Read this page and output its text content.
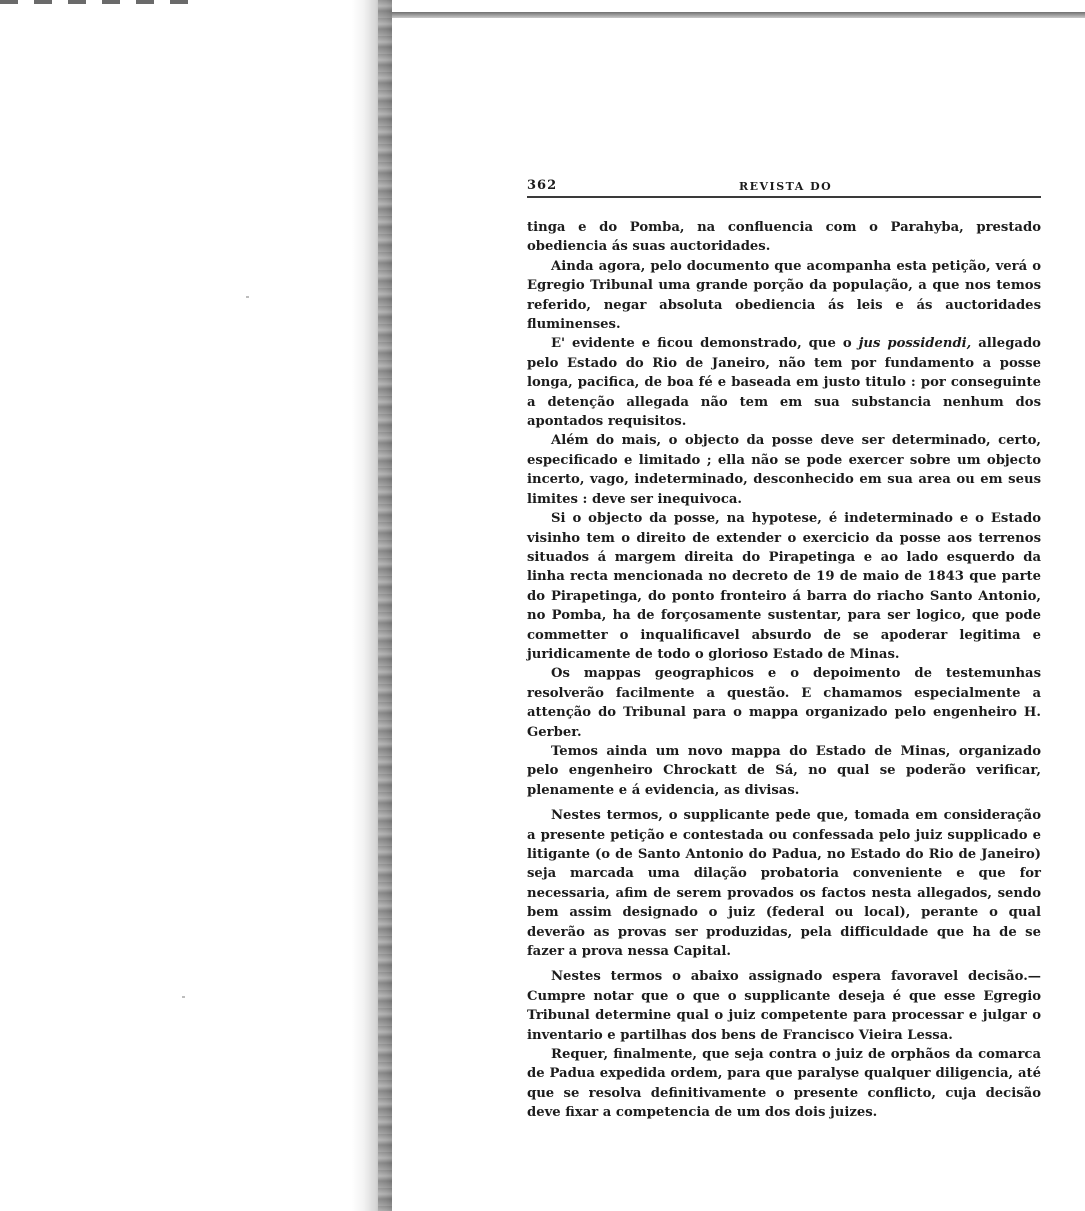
362	REVISTA DO

tinga e do Pomba, na confluencia com o Parahyba, prestado obediencia ás suas auctoridades.

Ainda agora, pelo documento que acompanha esta petição, verá o Egregio Tribunal uma grande porção da população, a que nos temos referido, negar absoluta obediencia ás leis e ás auctoridades fluminenses.

E' evidente e ficou demonstrado, que o jus possidendi, allegado pelo Estado do Rio de Janeiro, não tem por fundamento a posse longa, pacifica, de boa fé e baseada em justo titulo : por conseguinte a detenção allegada não tem em sua substancia nenhum dos apontados requisitos.

Além do mais, o objecto da posse deve ser determinado, certo, especificado e limitado ; ella não se pode exercer sobre um objecto incerto, vago, indeterminado, desconhecido em sua area ou em seus limites : deve ser inequivoca.

Si o objecto da posse, na hypotese, é indeterminado e o Estado visinho tem o direito de extender o exercicio da posse aos terrenos situados á margem direita do Pirapetinga e ao lado esquerdo da linha recta mencionada no decreto de 19 de maio de 1843 que parte do Pirapetinga, do ponto fronteiro á barra do riacho Santo Antonio, no Pomba, ha de forçosamente sustentar, para ser logico, que pode commetter o inqualificavel absurdo de se apoderar legitima e juridicamente de todo o glorioso Estado de Minas.

Os mappas geographicos e o depoimento de testemunhas resolverão facilmente a questão. E chamamos especialmente a attenção do Tribunal para o mappa organizado pelo engenheiro H. Gerber.

Temos ainda um novo mappa do Estado de Minas, organizado pelo engenheiro Chrockatt de Sá, no qual se poderão verificar, plenamente e á evidencia, as divisas.

Nestes termos, o supplicante pede que, tomada em consideração a presente petição e contestada ou confessada pelo juiz supplicado e litigante (o de Santo Antonio do Padua, no Estado do Rio de Janeiro) seja marcada uma dilação probatoria conveniente e que for necessaria, afim de serem provados os factos nesta allegados, sendo bem assim designado o juiz (federal ou local), perante o qual deverão as provas ser produzidas, pela difficuldade que ha de se fazer a prova nessa Capital.

Nestes termos o abaixo assignado espera favoravel decisão.—Cumpre notar que o que o supplicante deseja é que esse Egregio Tribunal determine qual o juiz competente para processar e julgar o inventario e partilhas dos bens de Francisco Vieira Lessa.

Requer, finalmente, que seja contra o juiz de orphãos da comarca de Padua expedida ordem, para que paralyse qualquer diligencia, até que se resolva definitivamente o presente conflicto, cuja decisão deve fixar a competencia de um dos dois juizes.
